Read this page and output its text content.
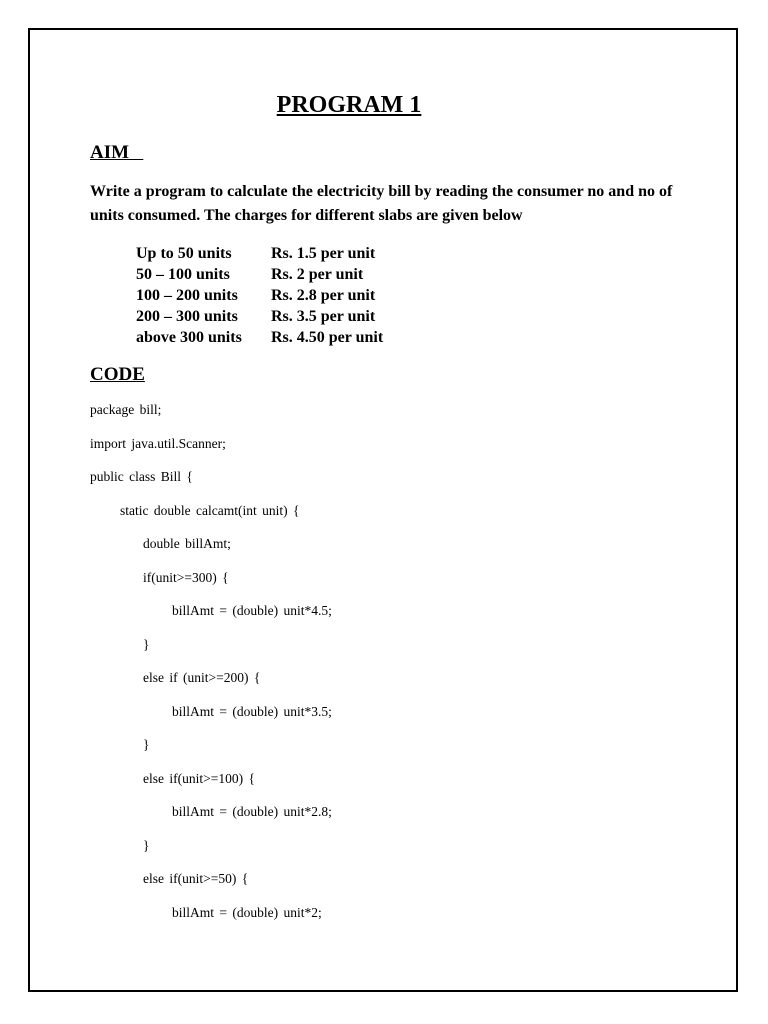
PROGRAM 1
AIM

Write a program to calculate the electricity bill by reading the consumer no and no of units consumed. The charges for different slabs are given below

Up to 50 units	Rs. 1.5 per unit
50 – 100 units	Rs. 2 per unit
100 – 200 units	Rs. 2.8 per unit
200 – 300 units	Rs. 3.5 per unit
above 300 units	Rs. 4.50 per unit
CODE
package bill;
import java.util.Scanner;
public class Bill {
static double calcamt(int unit) {
double billAmt;
if(unit>=300) {
billAmt = (double) unit*4.5;
}
else if (unit>=200) {
billAmt = (double) unit*3.5;
}
else if(unit>=100) {
billAmt = (double) unit*2.8;
}
else if(unit>=50) {
billAmt = (double) unit*2;
